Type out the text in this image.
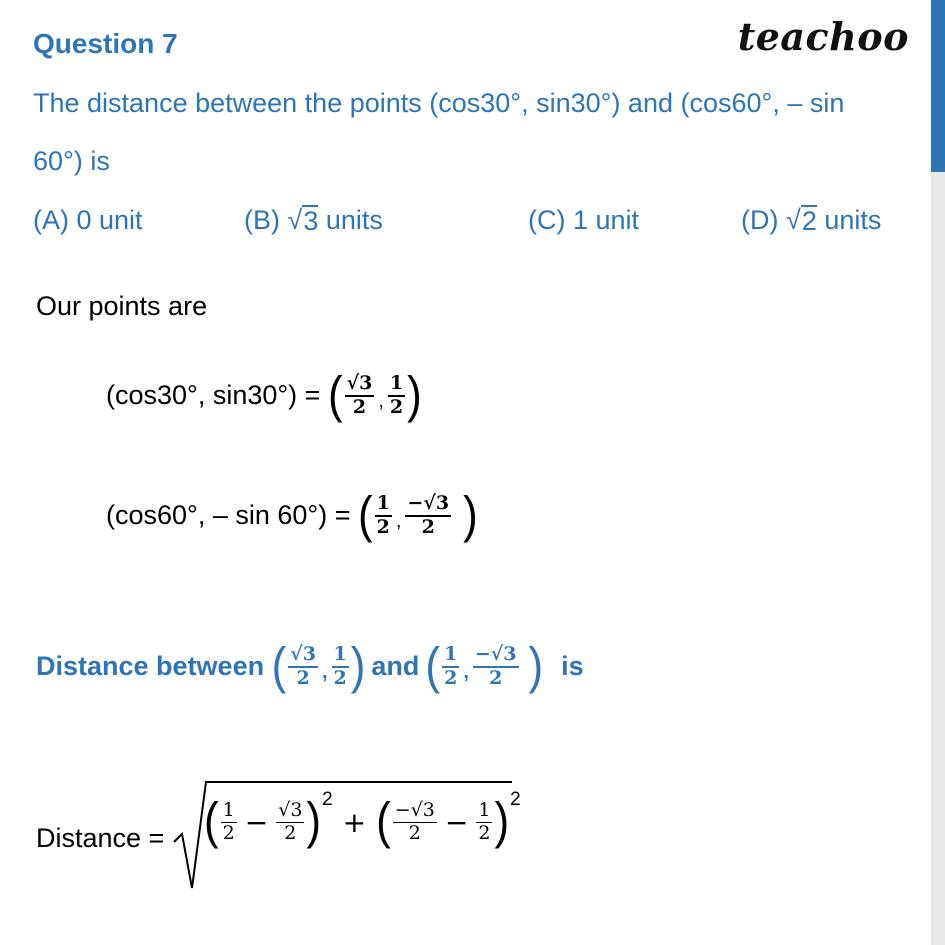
Question 7	teachoo
The distance between the points (cos30°, sin30°) and (cos60°, – sin
60°) is
(A) 0 unit	(B) √ 3 units	(C) 1 unit	(D) √ 2 units
Our points are
(cos30°, sin30°) = ( $\frac{√3}{2}$ , $\frac{1}{2}$ )
(cos60°, – sin 60°) = ( $\frac{1}{2}$ , $\frac{-√3}{2}$ )
Distance between ( $\frac{√3}{2}$ , $\frac{1}{2}$ ) and ( $\frac{1}{2}$ , $\frac{-√3}{2}$ ) is
Distance = ( $\frac{1}{2} - \frac{√3}{2}$ ) 2
+ ( $\frac{-√3}{2} - \frac{1}{2}$ ) 2
